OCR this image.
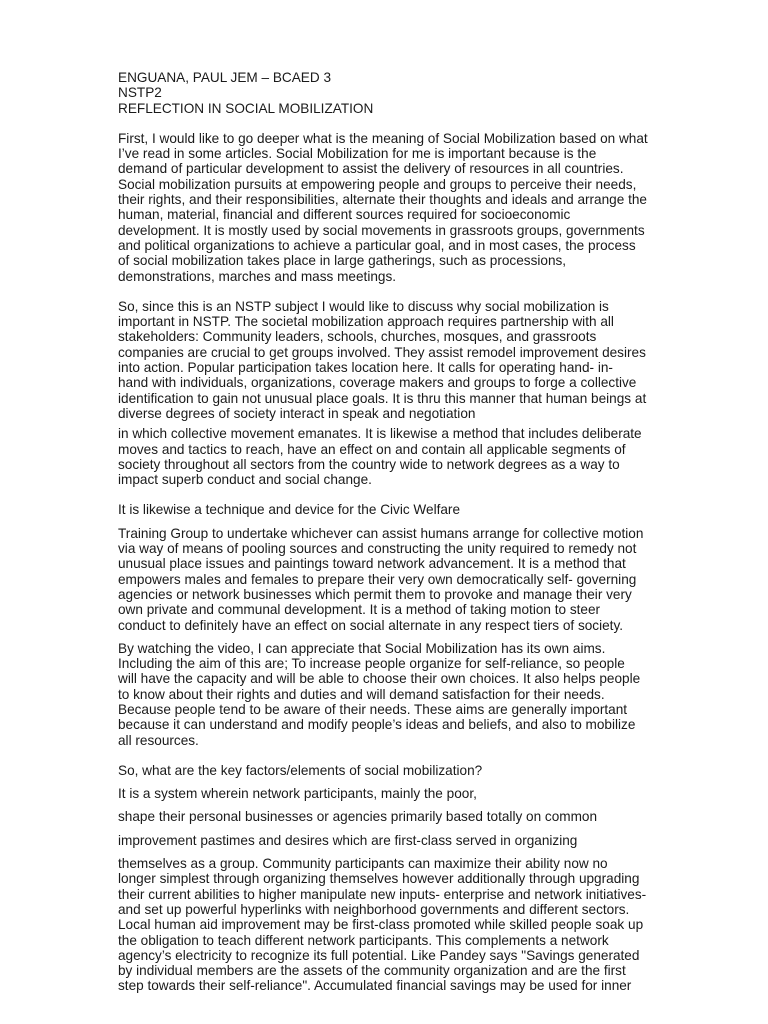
ENGUANA, PAUL JEM – BCAED 3

NSTP2

REFLECTION IN SOCIAL MOBILIZATION

First, I would like to go deeper what is the meaning of Social Mobilization based on what
I’ve read in some articles. Social Mobilization for me is important because is the
demand of particular development to assist the delivery of resources in all countries.
Social mobilization pursuits at empowering people and groups to perceive their needs,
their rights, and their responsibilities, alternate their thoughts and ideals and arrange the
human, material, financial and different sources required for socioeconomic
development. It is mostly used by social movements in grassroots groups, governments
and political organizations to achieve a particular goal, and in most cases, the process
of social mobilization takes place in large gatherings, such as processions,
demonstrations, marches and mass meetings.
So, since this is an NSTP subject I would like to discuss why social mobilization is
important in NSTP. The societal mobilization approach requires partnership with all
stakeholders: Community leaders, schools, churches, mosques, and grassroots
companies are crucial to get groups involved. They assist remodel improvement desires
into action. Popular participation takes location here. It calls for operating hand- in-
hand with individuals, organizations, coverage makers and groups to forge a collective
identification to gain not unusual place goals. It is thru this manner that human beings at
diverse degrees of society interact in speak and negotiation
in which collective movement emanates. It is likewise a method that includes deliberate
moves and tactics to reach, have an effect on and contain all applicable segments of
society throughout all sectors from the country wide to network degrees as a way to
impact superb conduct and social change.
It is likewise a technique and device for the Civic Welfare
Training Group to undertake whichever can assist humans arrange for collective motion
via way of means of pooling sources and constructing the unity required to remedy not
unusual place issues and paintings toward network advancement. It is a method that
empowers males and females to prepare their very own democratically self- governing
agencies or network businesses which permit them to provoke and manage their very
own private and communal development. It is a method of taking motion to steer
conduct to definitely have an effect on social alternate in any respect tiers of society.
By watching the video, I can appreciate that Social Mobilization has its own aims.
Including the aim of this are; To increase people organize for self-reliance, so people
will have the capacity and will be able to choose their own choices. It also helps people
to know about their rights and duties and will demand satisfaction for their needs.
Because people tend to be aware of their needs. These aims are generally important
because it can understand and modify people’s ideas and beliefs, and also to mobilize
all resources.
So, what are the key factors/elements of social mobilization?
It is a system wherein network participants, mainly the poor,
shape their personal businesses or agencies primarily based totally on common
improvement pastimes and desires which are first-class served in organizing
themselves as a group. Community participants can maximize their ability now no
longer simplest through organizing themselves however additionally through upgrading
their current abilities to higher manipulate new inputs- enterprise and network initiatives-
and set up powerful hyperlinks with neighborhood governments and different sectors.
Local human aid improvement may be first-class promoted while skilled people soak up
the obligation to teach different network participants. This complements a network
agency’s electricity to recognize its full potential. Like Pandey says "Savings generated
by individual members are the assets of the community organization and are the first
step towards their self-reliance". Accumulated financial savings may be used for inner
